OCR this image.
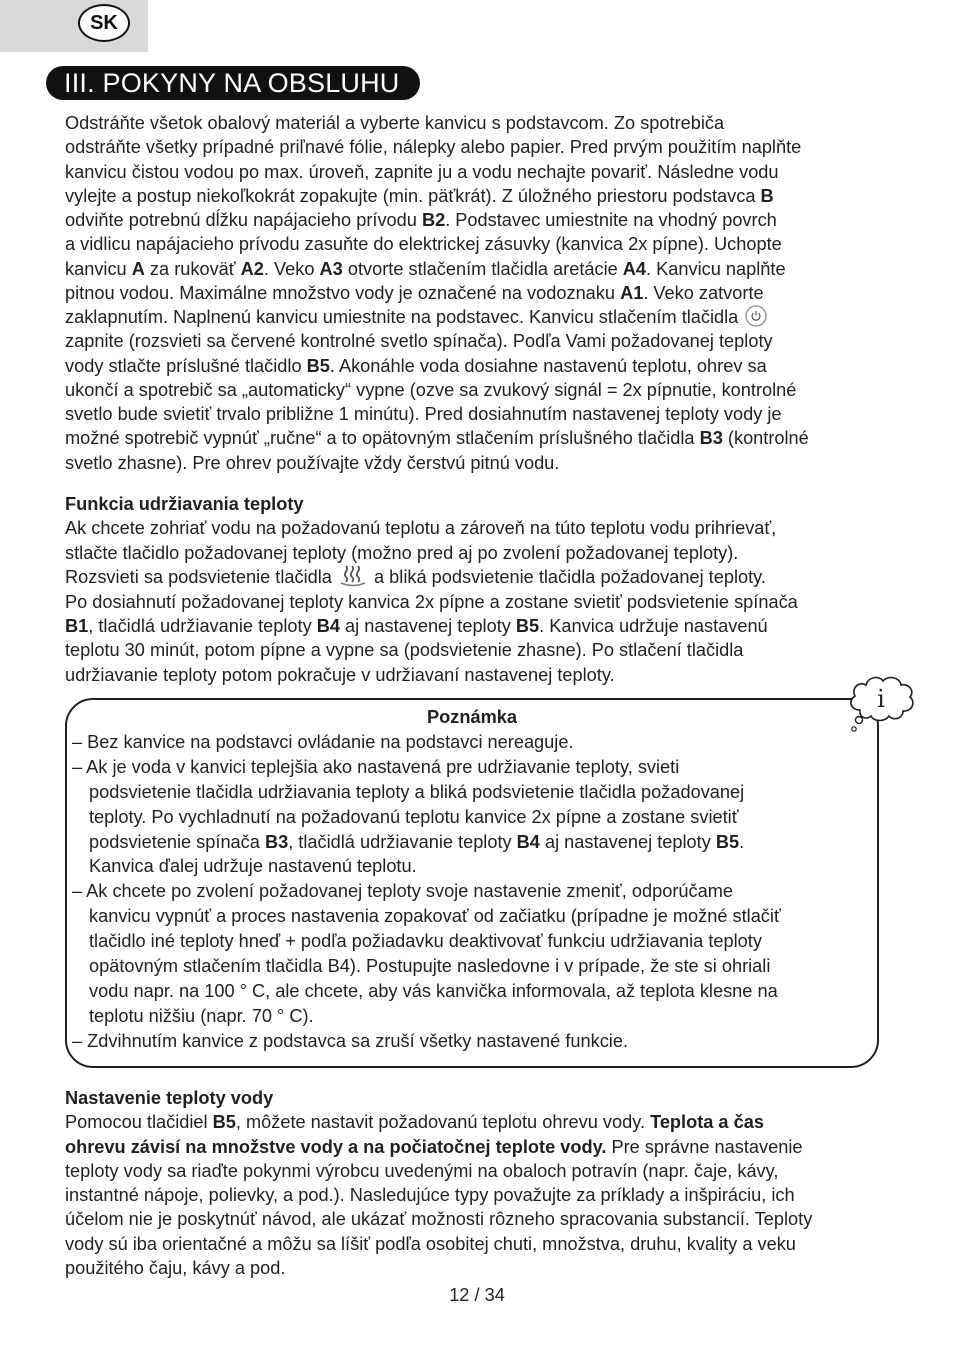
SK
III. POKYNY NA OBSLUHU
Odstráňte všetok obalový materiál a vyberte kanvicu s podstavcom. Zo spotrebiča
odstráňte všetky prípadné priľnavé fólie, nálepky alebo papier. Pred prvým použitím naplňte
kanvicu čistou vodou po max. úroveň, zapnite ju a vodu nechajte povariť. Následne vodu
vylejte a postup niekoľkokrát zopakujte (min. päťkrát). Z úložného priestoru podstavca B
odviňte potrebnú dĺžku napájacieho prívodu B2. Podstavec umiestnite na vhodný povrch
a vidlicu napájacieho prívodu zasuňte do elektrickej zásuvky (kanvica 2x pípne). Uchopte
kanvicu A za rukoväť A2. Veko A3 otvorte stlačením tlačidla aretácie A4. Kanvicu naplňte
pitnou vodou. Maximálne množstvo vody je označené na vodoznaku A1. Veko zatvorte
zaklapnutím. Naplnenú kanvicu umiestnite na podstavec. Kanvicu stlačením tlačidla
zapnite (rozsvieti sa červené kontrolné svetlo spínača). Podľa Vami požadovanej teploty
vody stlačte príslušné tlačidlo B5. Akonáhle voda dosiahne nastavenú teplotu, ohrev sa
ukončí a spotrebič sa „automaticky“ vypne (ozve sa zvukový signál = 2x pípnutie, kontrolné
svetlo bude svietiť trvalo približne 1 minútu). Pred dosiahnutím nastavenej teploty vody je
možné spotrebič vypnúť „ručne“ a to opätovným stlačením príslušného tlačidla B3 (kontrolné
svetlo zhasne). Pre ohrev používajte vždy čerstvú pitnú vodu.
Funkcia udržiavania teploty
Ak chcete zohriať vodu na požadovanú teplotu a zároveň na túto teplotu vodu prihrievať,
stlačte tlačidlo požadovanej teploty (možno pred aj po zvolení požadovanej teploty).
Rozsvieti sa podsvietenie tlačidla  a bliká podsvietenie tlačidla požadovanej teploty.
Po dosiahnutí požadovanej teploty kanvica 2x pípne a zostane svietiť podsvietenie spínača
B1, tlačidlá udržiavanie teploty B4 aj nastavenej teploty B5. Kanvica udržuje nastavenú
teplotu 30 minút, potom pípne a vypne sa (podsvietenie zhasne). Po stlačení tlačidla
udržiavanie teploty potom pokračuje v udržiavaní nastavenej teploty.
i
Poznámka
– Bez kanvice na podstavci ovládanie na podstavci nereaguje.
– Ak je voda v kanvici teplejšia ako nastavená pre udržiavanie teploty, svieti
podsvietenie tlačidla udržiavania teploty a bliká podsvietenie tlačidla požadovanej
teploty. Po vychladnutí na požadovanú teplotu kanvice 2x pípne a zostane svietiť
podsvietenie spínača B3, tlačidlá udržiavanie teploty B4 aj nastavenej teploty B5.
Kanvica ďalej udržuje nastavenú teplotu.
– Ak chcete po zvolení požadovanej teploty svoje nastavenie zmeniť, odporúčame
kanvicu vypnúť a proces nastavenia zopakovať od začiatku (prípadne je možné stlačiť
tlačidlo iné teploty hneď + podľa požiadavku deaktivovať funkciu udržiavania teploty
opätovným stlačením tlačidla B4). Postupujte nasledovne i v prípade, že ste si ohriali
vodu napr. na 100 ° C, ale chcete, aby vás kanvička informovala, až teplota klesne na
teplotu nižšiu (napr. 70 ° C).
– Zdvihnutím kanvice z podstavca sa zruší všetky nastavené funkcie.
Nastavenie teploty vody
Pomocou tlačidiel B5, môžete nastavit požadovanú teplotu ohrevu vody. Teplota a čas
ohrevu závisí na množstve vody a na počiatočnej teplote vody. Pre správne nastavenie
teploty vody sa riaďte pokynmi výrobcu uvedenými na obaloch potravín (napr. čaje, kávy,
instantné nápoje, polievky, a pod.). Nasledujúce typy považujte za príklady a inšpiráciu, ich
účelom nie je poskytnúť návod, ale ukázať možnosti rôzneho spracovania substancií. Teploty
vody sú iba orientačné a môžu sa líšiť podľa osobitej chuti, množstva, druhu, kvality a veku
použitého čaju, kávy a pod.
12 / 34
